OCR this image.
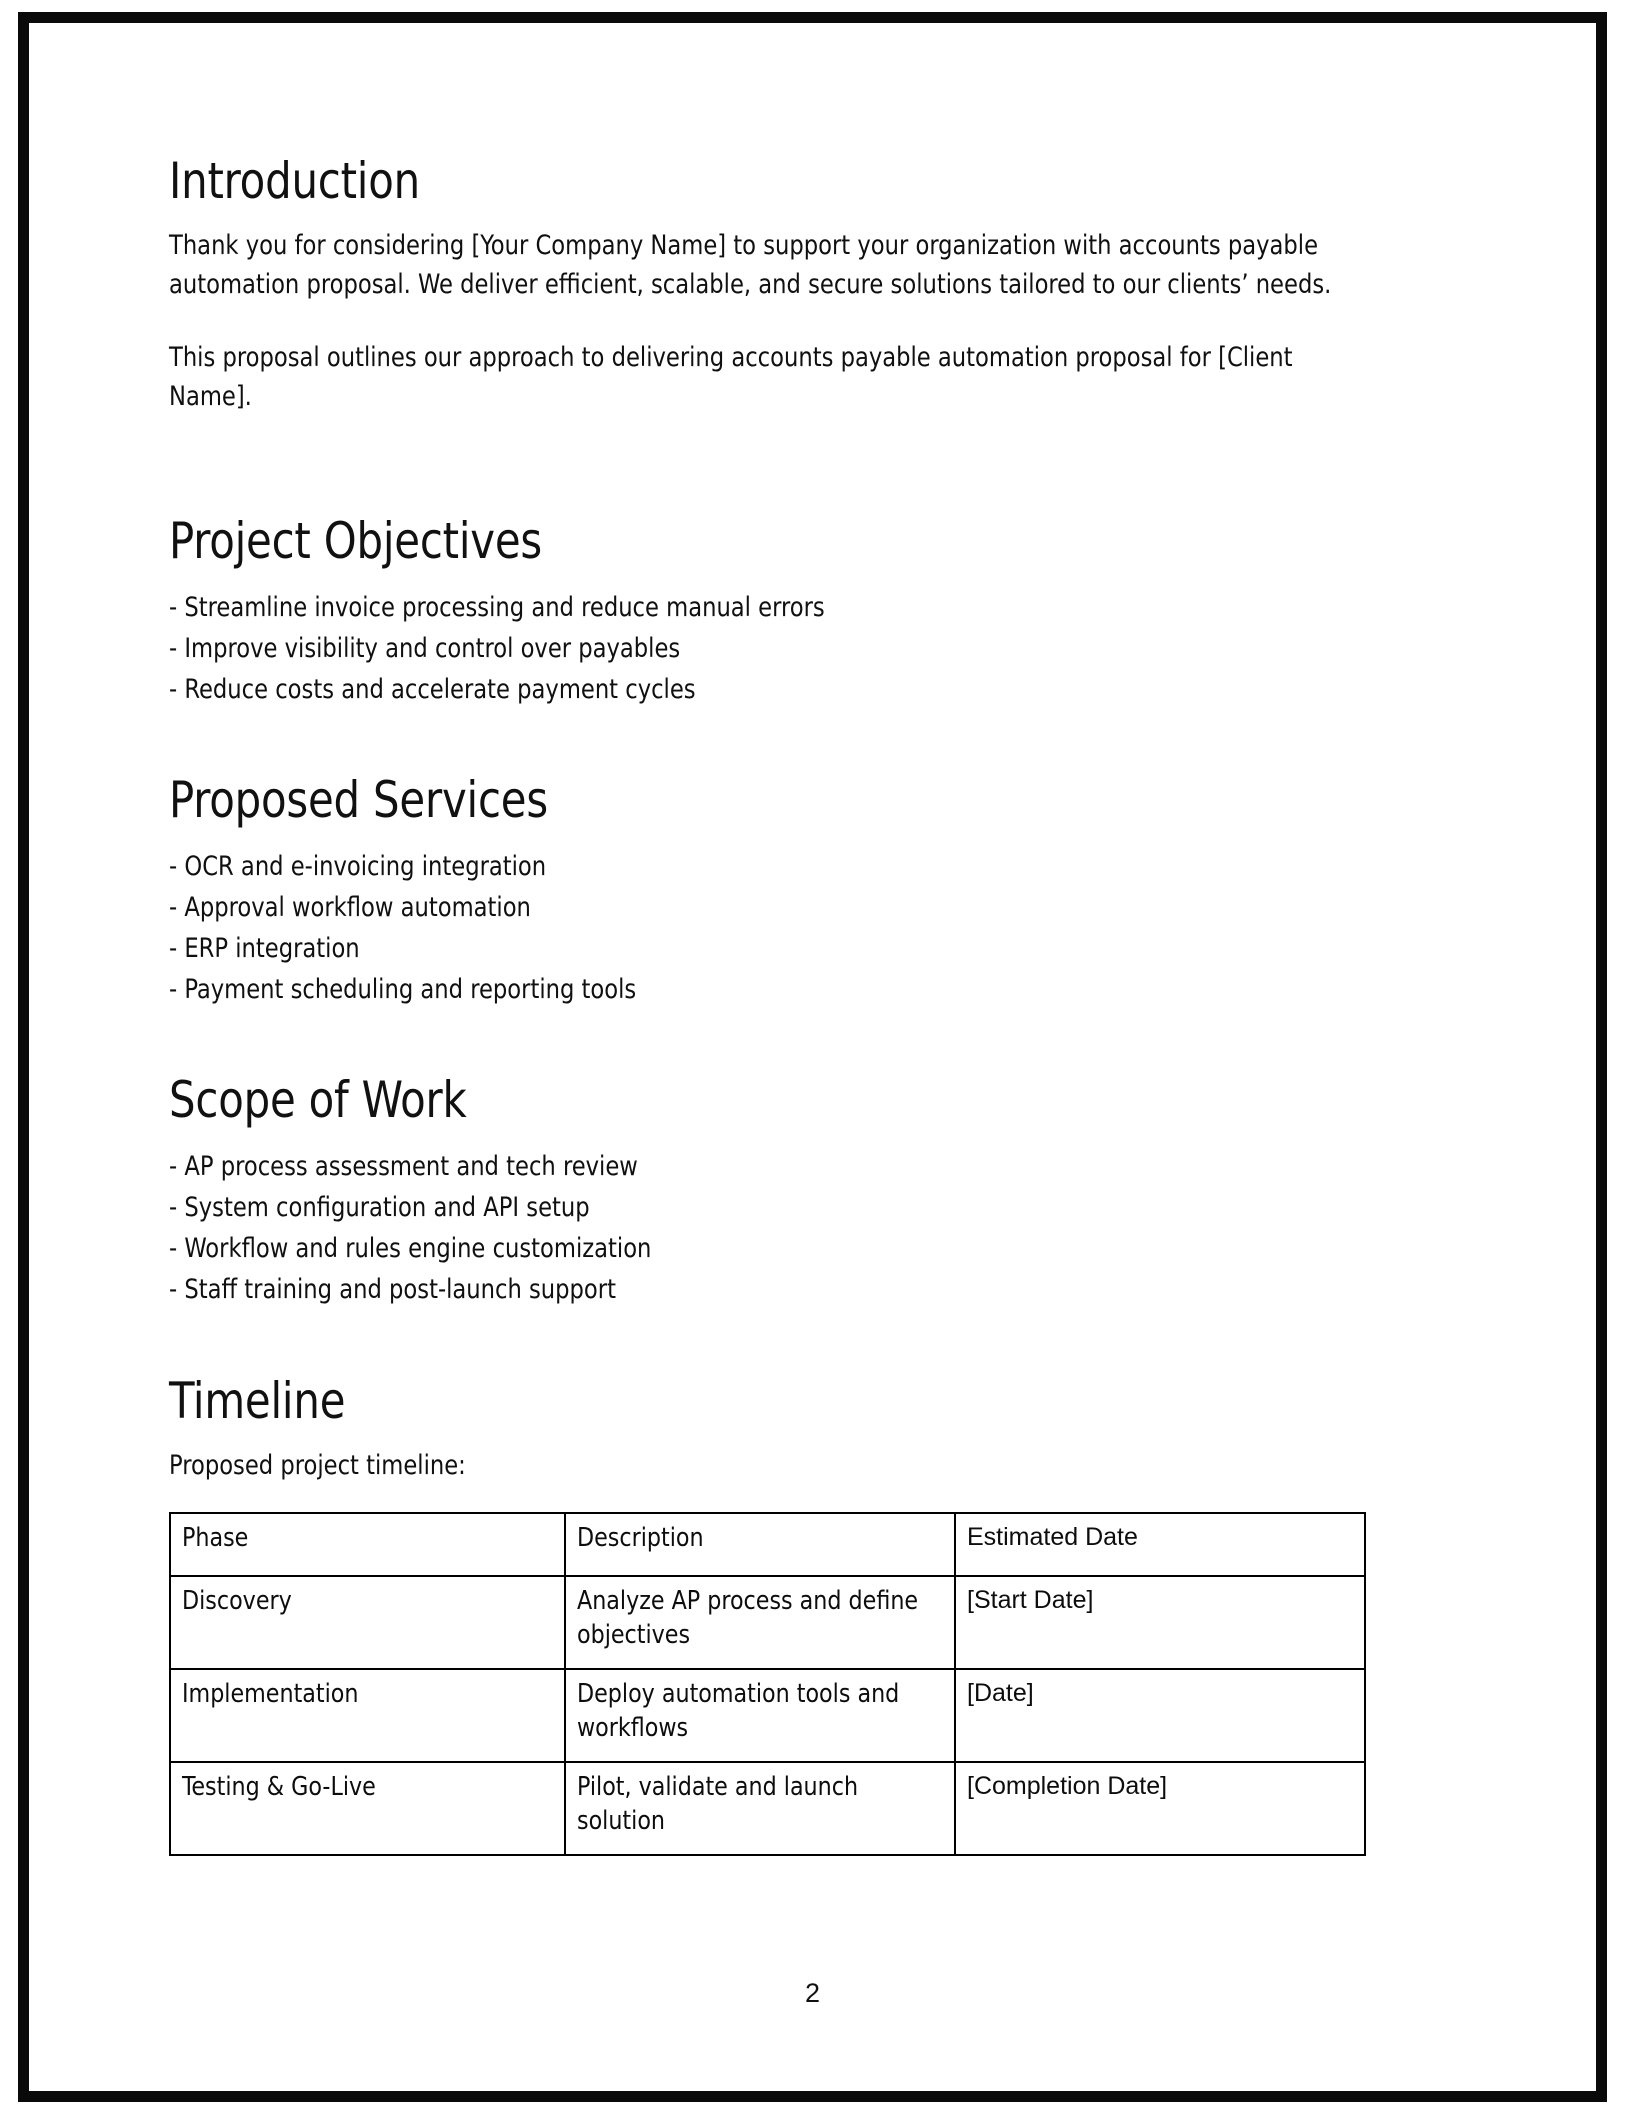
Introduction

Thank you for considering [Your Company Name] to support your organization with accounts payable automation proposal. We deliver efficient, scalable, and secure solutions tailored to our clients’ needs.

This proposal outlines our approach to delivering accounts payable automation proposal for [Client Name].

Project Objectives
- Streamline invoice processing and reduce manual errors
- Improve visibility and control over payables
- Reduce costs and accelerate payment cycles
Proposed Services
- OCR and e-invoicing integration
- Approval workflow automation
- ERP integration
- Payment scheduling and reporting tools
Scope of Work
- AP process assessment and tech review
- System configuration and API setup
- Workflow and rules engine customization
- Staff training and post-launch support
Timeline
Proposed project timeline:
Phase	Description	Estimated Date

Discovery	Analyze AP process and define objectives	[Start Date]

Implementation	Deploy automation tools and workflows	[Date]

Testing & Go-Live	Pilot, validate and launch solution	[Completion Date]
2
